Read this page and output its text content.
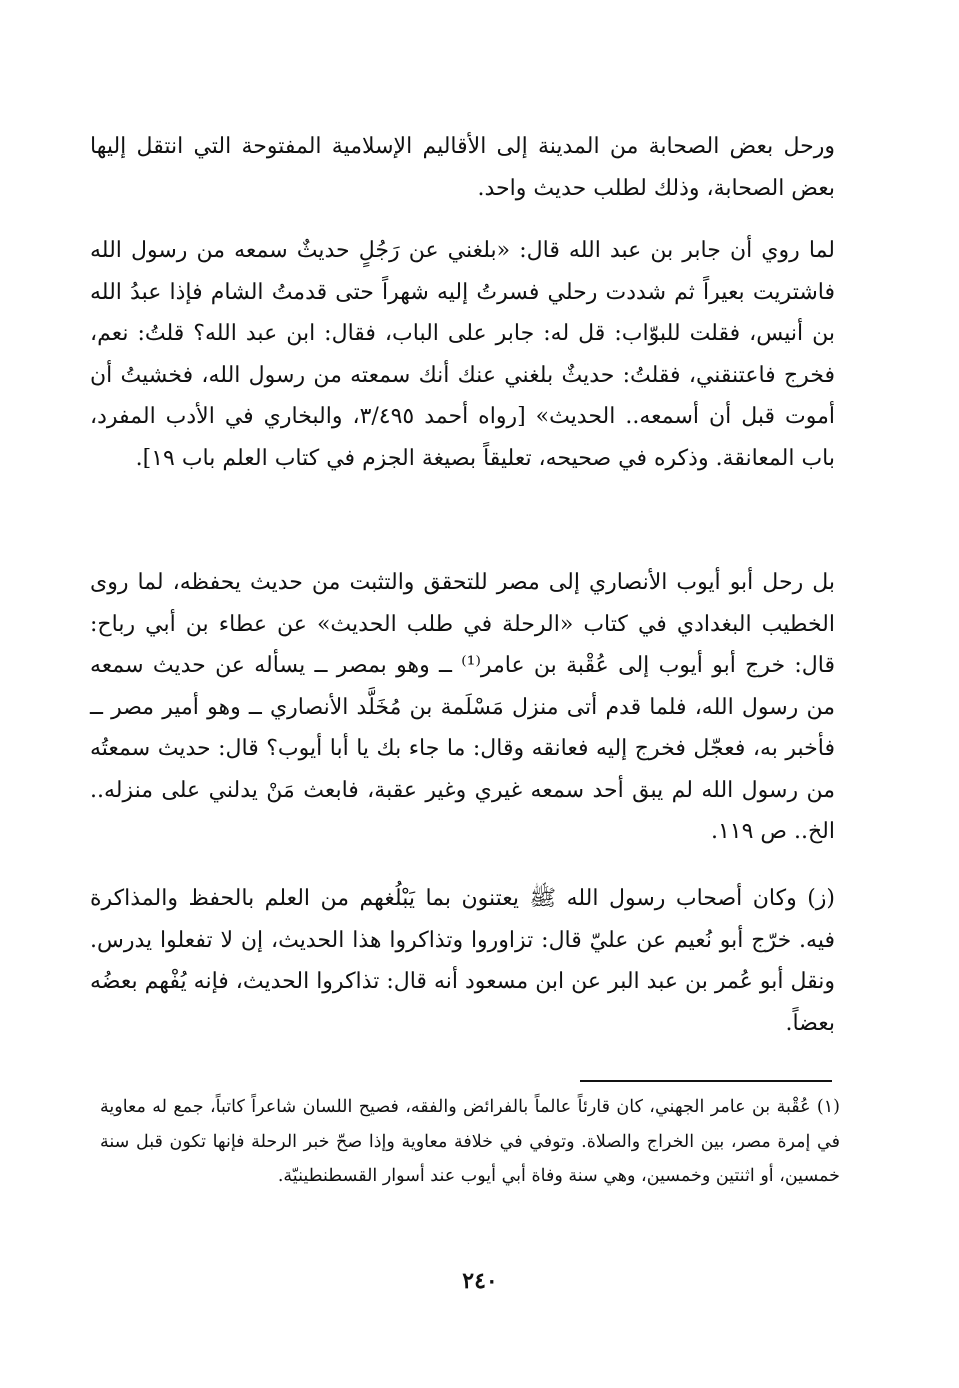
ورحل بعض الصحابة من المدينة إلى الأقاليم الإسلامية المفتوحة التي انتقل إليها بعض الصحابة، وذلك لطلب حديث واحد.

لما روي أن جابر بن عبد الله قال: «بلغني عن رَجُلٍ حديثٌ سمعه من رسول الله فاشتريت بعيراً ثم شددت رحلي فسرتُ إليه شهراً حتى قدمتُ الشام فإذا عبدُ الله بن أنيس، فقلت للبوّاب: قل له: جابر على الباب، فقال: ابن عبد الله؟ قلتُ: نعم، فخرج فاعتنقني، فقلتُ: حديثٌ بلغني عنك أنك سمعته من رسول الله، فخشيتُ أن أموت قبل أن أسمعه.. الحديث» [رواه أحمد ٣/٤٩٥، والبخاري في الأدب المفرد، باب المعانقة. وذكره في صحيحه، تعليقاً بصيغة الجزم في كتاب العلم باب ١٩].

بل رحل أبو أيوب الأنصاري إلى مصر للتحقق والتثبت من حديث يحفظه، لما روى الخطيب البغدادي في كتاب «الرحلة في طلب الحديث» عن عطاء بن أبي رباح: قال: خرج أبو أيوب إلى عُقْبة بن عامر⁽¹⁾ ــ وهو بمصر ــ يسأله عن حديث سمعه من رسول الله، فلما قدم أتى منزل مَسْلَمة بن مُخَلَّد الأنصاري ــ وهو أمير مصر ــ فأخبر به، فعجّل فخرج إليه فعانقه وقال: ما جاء بك يا أبا أيوب؟ قال: حديث سمعتُه من رسول الله لم يبق أحد سمعه غيري وغير عقبة، فابعث مَنْ يدلني على منزله.. الخ.. ص ١١٩.

(ز) وكان أصحاب رسول الله ﷺ يعتنون بما يَبْلُغهم من العلم بالحفظ والمذاكرة فيه. خرّج أبو نُعيم عن عليّ قال: تزاوروا وتذاكروا هذا الحديث، إن لا تفعلوا يدرس. ونقل أبو عُمر بن عبد البر عن ابن مسعود أنه قال: تذاكروا الحديث، فإنه يُفْهم بعضُه بعضاً.

(١) عُقْبة بن عامر الجهني، كان قارئاً عالماً بالفرائض والفقه، فصيح اللسان شاعراً كاتباً، جمع له معاوية في إمرة مصر، بين الخراج والصلاة. وتوفي في خلافة معاوية وإذا صحّ خبر الرحلة فإنها تكون قبل سنة خمسين، أو اثنتين وخمسين، وهي سنة وفاة أبي أيوب عند أسوار القسطنطينيّة.

٢٤٠
